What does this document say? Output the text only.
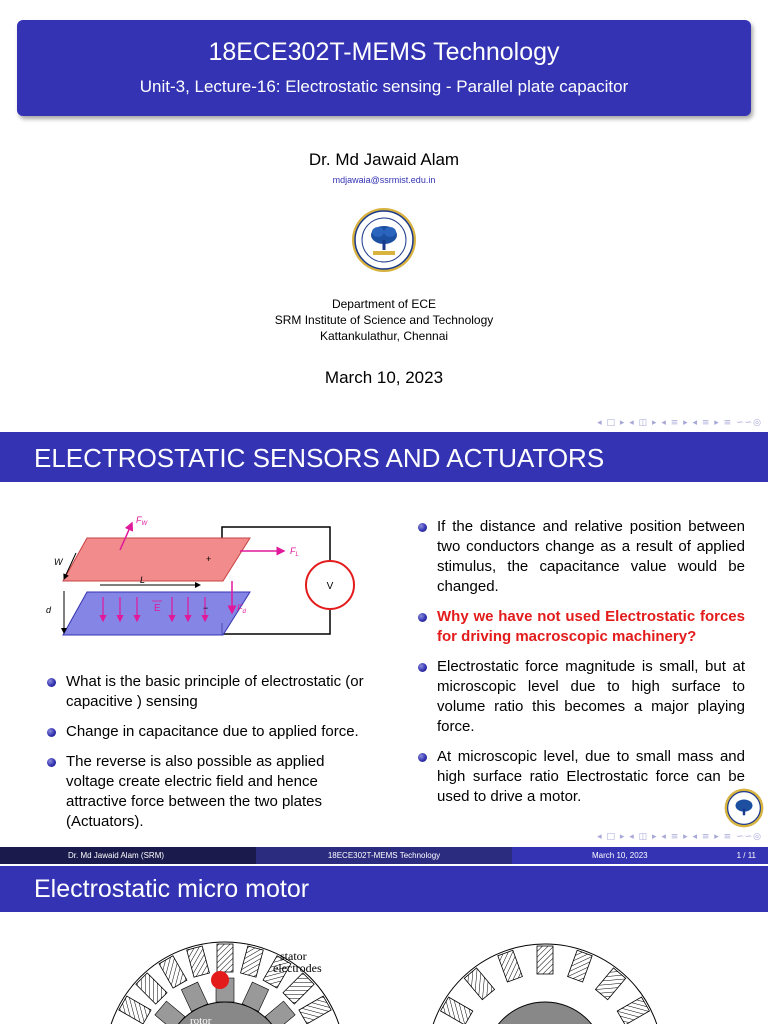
18ECE302T-MEMS Technology
Unit-3, Lecture-16: Electrostatic sensing - Parallel plate capacitor
Dr. Md Jawaid Alam
mdjawaia@ssrmist.edu.in
Department of ECE
SRM Institute of Science and Technology
Kattankulathur, Chennai
March 10, 2023
◂ □ ▸ ◂ ◫ ▸ ◂ ≡ ▸ ◂ ≡ ▸ ≡ ∽∽◎
ELECTROSTATIC SENSORS AND ACTUATORS
V
E
+
−
$F_W$
$F_L$
$F_d$
W
L
d
What is the basic principle of electrostatic (or capacitive ) sensing
Change in capacitance due to applied force.
The reverse is also possible as applied voltage create electric field and hence attractive force between the two plates (Actuators).
If the distance and relative position between two conductors change as a result of applied stimulus, the capacitance value would be changed.
Why we have not used Electrostatic forces for driving macroscopic machinery?
Electrostatic force magnitude is small, but at microscopic level due to high surface to volume ratio this becomes a major playing force.
At microscopic level, due to small mass and high surface ratio Electrostatic force can be used to drive a motor.
◂ □ ▸ ◂ ◫ ▸ ◂ ≡ ▸ ◂ ≡ ▸ ≡ ∽∽◎
Dr. Md Jawaid Alam (SRM)	18ECE302T-MEMS Technology	March 10, 2023	1 / 11
Electrostatic micro motor
stator
electrodes
rotor
